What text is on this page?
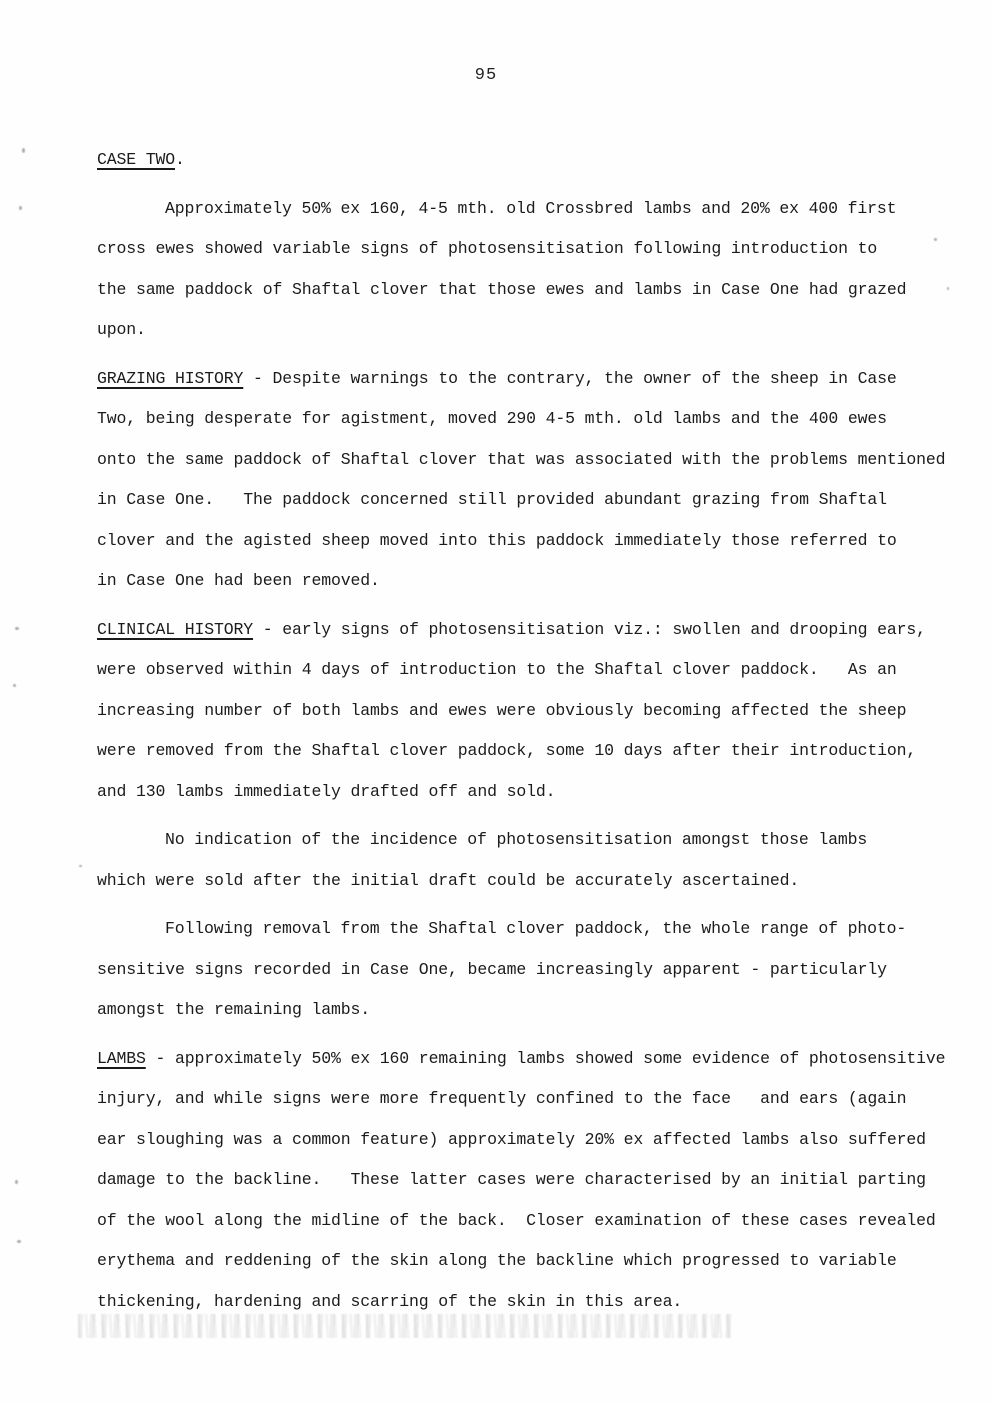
95
CASE TWO.
Approximately 50% ex 160, 4-5 mth. old Crossbred lambs and 20% ex 400 first
cross ewes showed variable signs of photosensitisation following introduction to
the same paddock of Shaftal clover that those ewes and lambs in Case One had grazed
upon.
GRAZING HISTORY - Despite warnings to the contrary, the owner of the sheep in Case
Two, being desperate for agistment, moved 290 4-5 mth. old lambs and the 400 ewes
onto the same paddock of Shaftal clover that was associated with the problems mentioned
in Case One.   The paddock concerned still provided abundant grazing from Shaftal
clover and the agisted sheep moved into this paddock immediately those referred to
in Case One had been removed.
CLINICAL HISTORY - early signs of photosensitisation viz.: swollen and drooping ears,
were observed within 4 days of introduction to the Shaftal clover paddock.   As an
increasing number of both lambs and ewes were obviously becoming affected the sheep
were removed from the Shaftal clover paddock, some 10 days after their introduction,
and 130 lambs immediately drafted off and sold.
No indication of the incidence of photosensitisation amongst those lambs
which were sold after the initial draft could be accurately ascertained.
Following removal from the Shaftal clover paddock, the whole range of photo-
sensitive signs recorded in Case One, became increasingly apparent - particularly
amongst the remaining lambs.
LAMBS - approximately 50% ex 160 remaining lambs showed some evidence of photosensitive
injury, and while signs were more frequently confined to the face   and ears (again
ear sloughing was a common feature) approximately 20% ex affected lambs also suffered
damage to the backline.   These latter cases were characterised by an initial parting
of the wool along the midline of the back.  Closer examination of these cases revealed
erythema and reddening of the skin along the backline which progressed to variable
thickening, hardening and scarring of the skin in this area.
